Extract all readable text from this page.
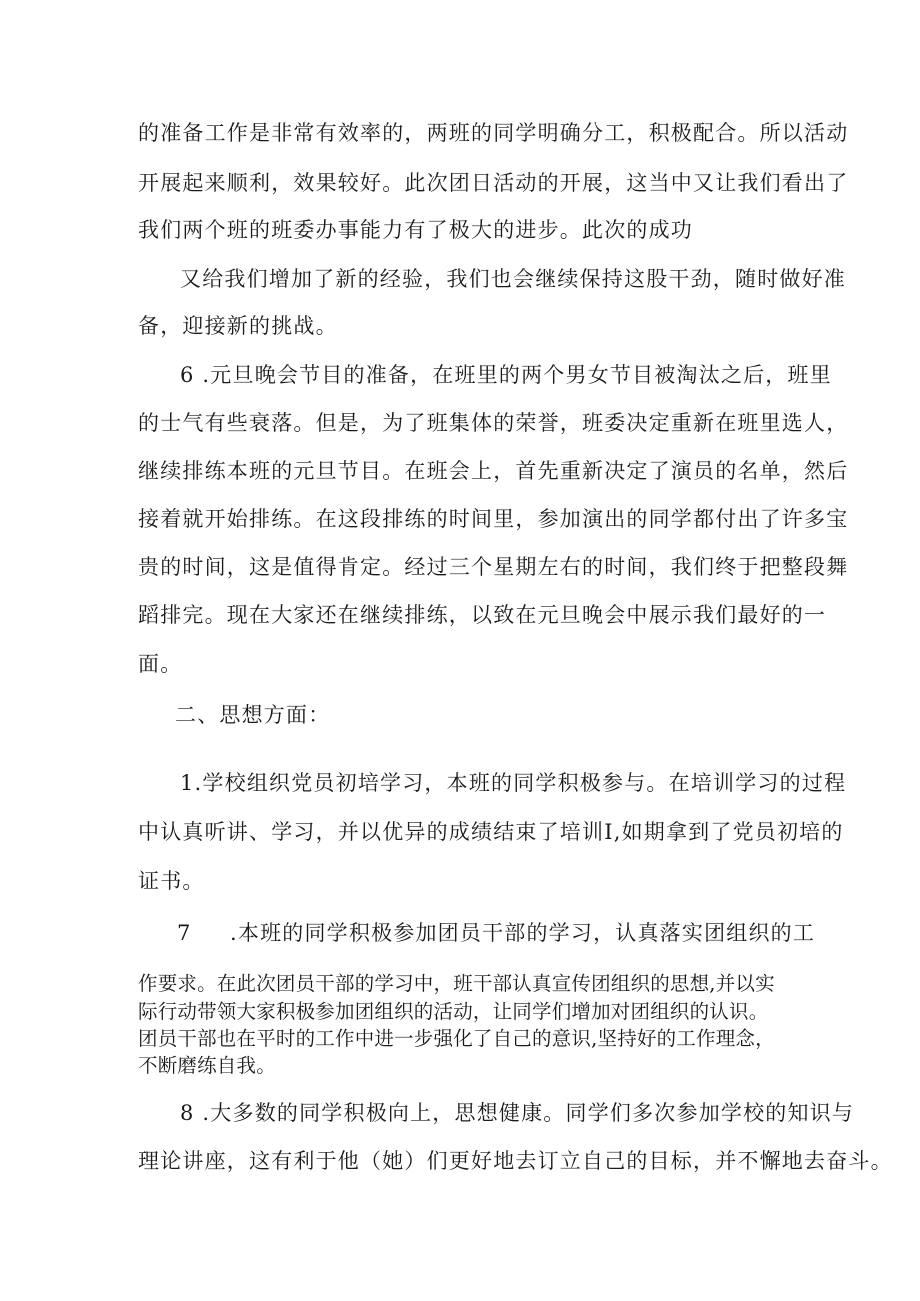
的准备工作是非常有效率的，两班的同学明确分工，积极配合。所以活动
开展起来顺利，效果较好。此次团日活动的开展，这当中又让我们看出了
我们两个班的班委办事能力有了极大的进步。此次的成功
又给我们增加了新的经验，我们也会继续保持这股干劲，随时做好准
备，迎接新的挑战。
6 .元旦晚会节目的准备，在班里的两个男女节目被淘汰之后，班里
的士气有些衰落。但是，为了班集体的荣誉，班委决定重新在班里选人，
继续排练本班的元旦节目。在班会上，首先重新决定了演员的名单，然后
接着就开始排练。在这段排练的时间里，参加演出的同学都付出了许多宝
贵的时间，这是值得肯定。经过三个星期左右的时间，我们终于把整段舞
蹈排完。现在大家还在继续排练，以致在元旦晚会中展示我们最好的一
面。
二、思想方面：
1.学校组织党员初培学习，本班的同学积极参与。在培训学习的过程
中认真听讲、学习，并以优异的成绩结束了培训I,如期拿到了党员初培的
证书。
7 .本班的同学积极参加团员干部的学习，认真落实团组织的工
作要求。在此次团员干部的学习中，班干部认真宣传团组织的思想,并以实
际行动带领大家积极参加团组织的活动，让同学们增加对团组织的认识。
团员干部也在平时的工作中进一步强化了自己的意识,坚持好的工作理念，
不断磨练自我。
8 .大多数的同学积极向上，思想健康。同学们多次参加学校的知识与
理论讲座，这有利于他（她）们更好地去订立自己的目标，并不懈地去奋斗。
